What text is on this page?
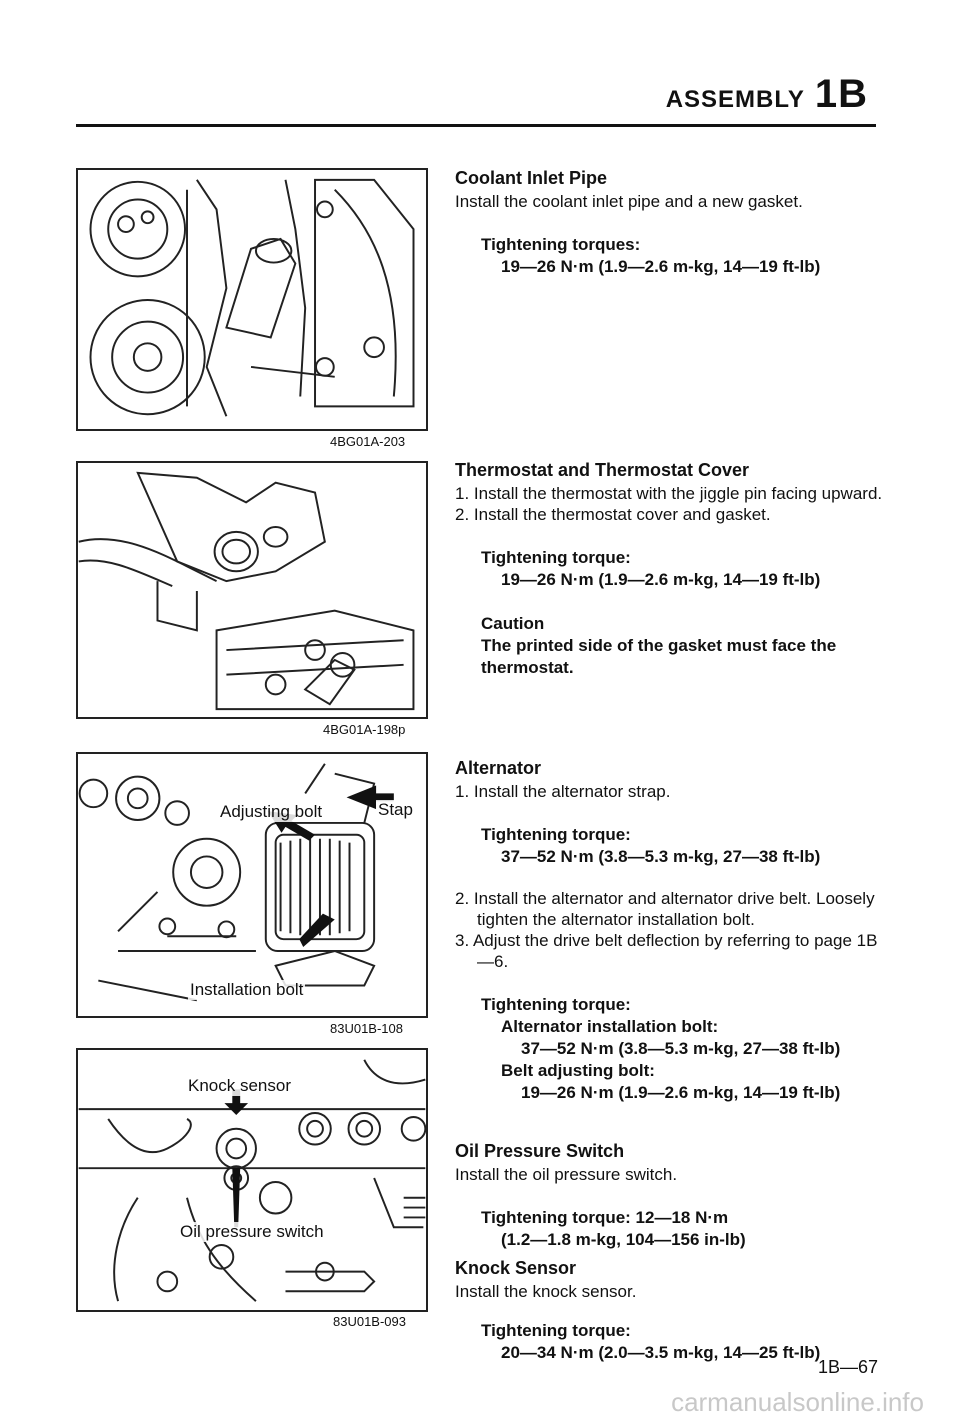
ASSEMBLY 1B
4BG01A-203
4BG01A-198p
Adjusting bolt	Stap
Installation bolt
83U01B-108
Knock sensor
Oil pressure switch
83U01B-093

Coolant Inlet Pipe

Install the coolant inlet pipe and a new gasket.

Tightening torques:
19—26 N·m (1.9—2.6 m-kg, 14—19 ft-lb)

Thermostat and Thermostat Cover

1. Install the thermostat with the jiggle pin facing upward.
2. Install the thermostat cover and gasket.
Tightening torque:
19—26 N·m (1.9—2.6 m-kg, 14—19 ft-lb)
Caution
The printed side of the gasket must face the thermostat.

Alternator

1. Install the alternator strap.
Tightening torque:
37—52 N·m (3.8—5.3 m-kg, 27—38 ft-lb)
2. Install the alternator and alternator drive belt. Loosely tighten the alternator installation bolt.
3. Adjust the drive belt deflection by referring to page 1B—6.
Tightening torque:
Alternator installation bolt:
37—52 N·m (3.8—5.3 m-kg, 27—38 ft-lb)
Belt adjusting bolt:
19—26 N·m (1.9—2.6 m-kg, 14—19 ft-lb)

Oil Pressure Switch

Install the oil pressure switch.

Tightening torque: 12—18 N·m
(1.2—1.8 m-kg, 104—156 in-lb)

Knock Sensor

Install the knock sensor.

Tightening torque:
20—34 N·m (2.0—3.5 m-kg, 14—25 ft-lb)
1B—67
carmanualsonline.info
